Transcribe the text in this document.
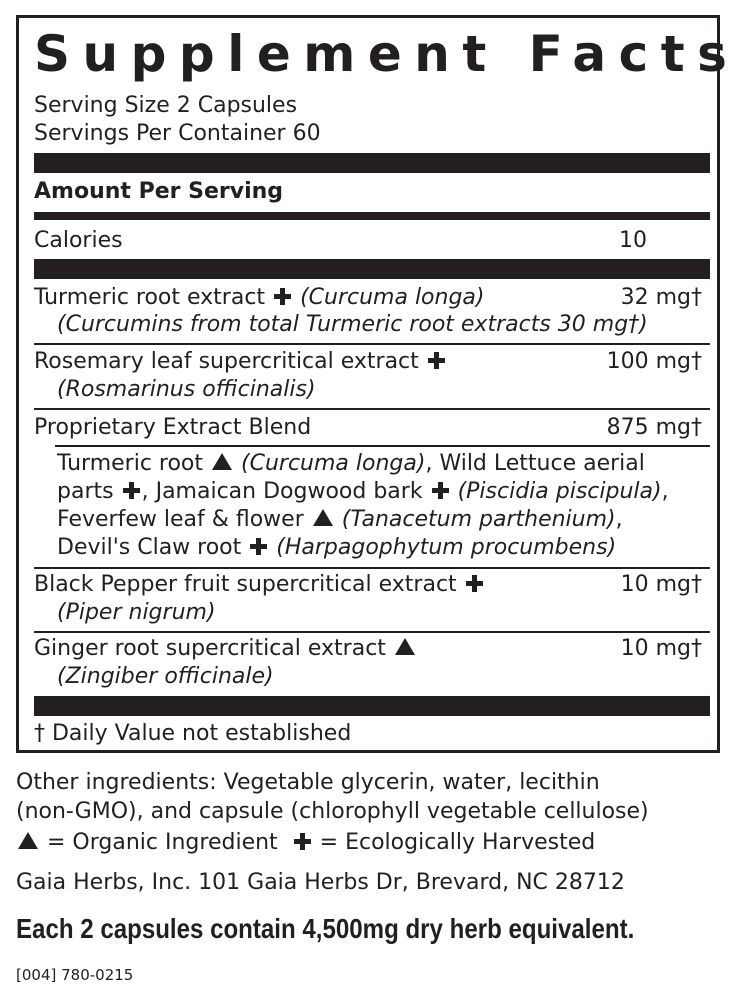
Supplement Facts
Serving Size 2 Capsules
Servings Per Container 60
Amount Per Serving
Calories	10
Turmeric root extract (Curcuma longa)	32 mg†
(Curcumins from total Turmeric root extracts 30 mg†)
Rosemary leaf supercritical extract	100 mg†
(Rosmarinus officinalis)
Proprietary Extract Blend	875 mg†
Turmeric root (Curcuma longa), Wild Lettuce aerial
parts , Jamaican Dogwood bark (Piscidia piscipula),
Feverfew leaf & flower (Tanacetum parthenium),
Devil's Claw root (Harpagophytum procumbens)
Black Pepper fruit supercritical extract	10 mg†
(Piper nigrum)
Ginger root supercritical extract	10 mg†
(Zingiber officinale)
† Daily Value not established
Other ingredients: Vegetable glycerin, water, lecithin
(non-GMO), and capsule (chlorophyll vegetable cellulose)
= Organic Ingredient = Ecologically Harvested
Gaia Herbs, Inc. 101 Gaia Herbs Dr, Brevard, NC 28712
Each 2 capsules contain 4,500mg dry herb equivalent.
[004] 780-0215
